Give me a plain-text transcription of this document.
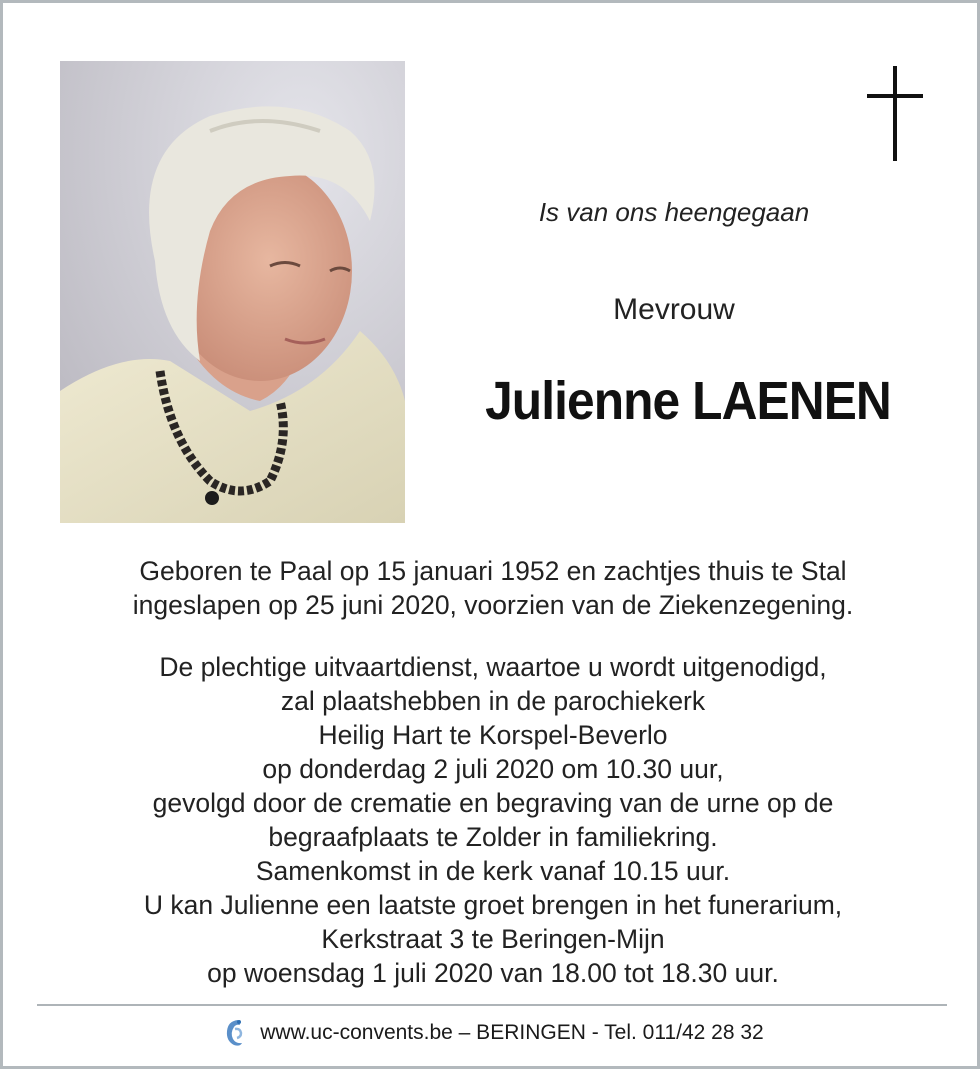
Is van ons heengegaan
Mevrouw
Julienne LAENEN
Geboren te Paal op 15 januari 1952 en zachtjes thuis te Stal
ingeslapen op 25 juni 2020, voorzien van de Ziekenzegening.
De plechtige uitvaartdienst, waartoe u wordt uitgenodigd,
zal plaatshebben in de parochiekerk
Heilig Hart te Korspel-Beverlo
op donderdag 2 juli 2020 om 10.30 uur,
gevolgd door de crematie en begraving van de urne op de
begraafplaats te Zolder in familiekring.
Samenkomst in de kerk vanaf 10.15 uur.
U kan Julienne een laatste groet brengen in het funerarium,
Kerkstraat 3 te Beringen-Mijn
op woensdag 1 juli 2020 van 18.00 tot 18.30 uur.
www.uc-convents.be – BERINGEN - Tel. 011/42 28 32
